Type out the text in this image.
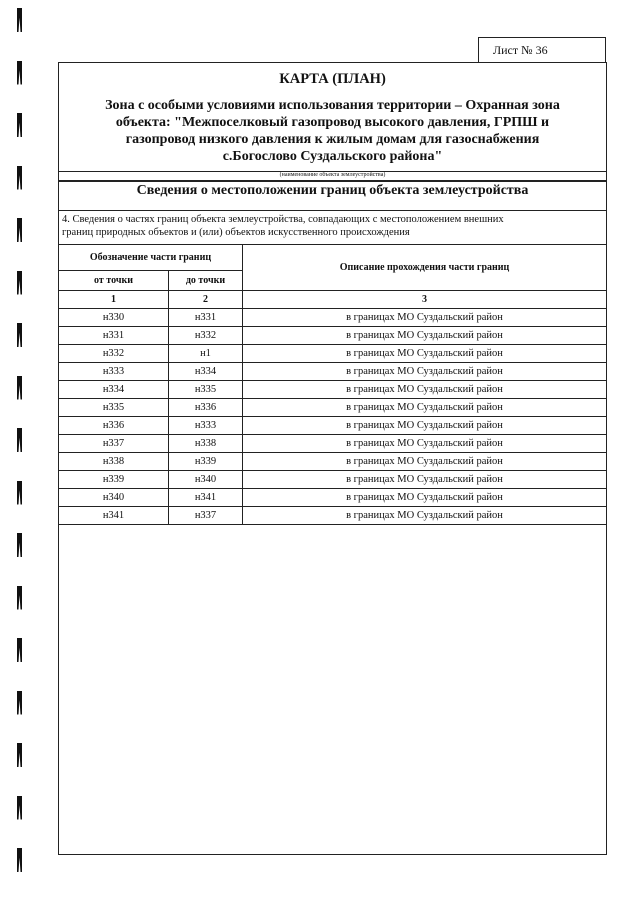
Лист № 36
КАРТА (ПЛАН)
Зона с особыми условиями использования территории – Охранная зона
объекта: "Межпоселковый газопровод высокого давления, ГРПШ и
газопровод низкого давления к жилым домам для газоснабжения
с.Богослово Суздальского района"
(наименование объекта землеустройства)
Сведения о местоположении границ объекта землеустройства
4. Сведения о частях границ объекта землеустройства, совпадающих с местоположением внешних
границ природных объектов и (или) объектов искусственного происхождения
Обозначение части границ		Описание прохождения части границ
от точки	до точки	
1	2	3
н330	н331	в границах МО Суздальский район
н331	н332	в границах МО Суздальский район
н332	н1	в границах МО Суздальский район
н333	н334	в границах МО Суздальский район
н334	н335	в границах МО Суздальский район
н335	н336	в границах МО Суздальский район
н336	н333	в границах МО Суздальский район
н337	н338	в границах МО Суздальский район
н338	н339	в границах МО Суздальский район
н339	н340	в границах МО Суздальский район
н340	н341	в границах МО Суздальский район
н341	н337	в границах МО Суздальский район
